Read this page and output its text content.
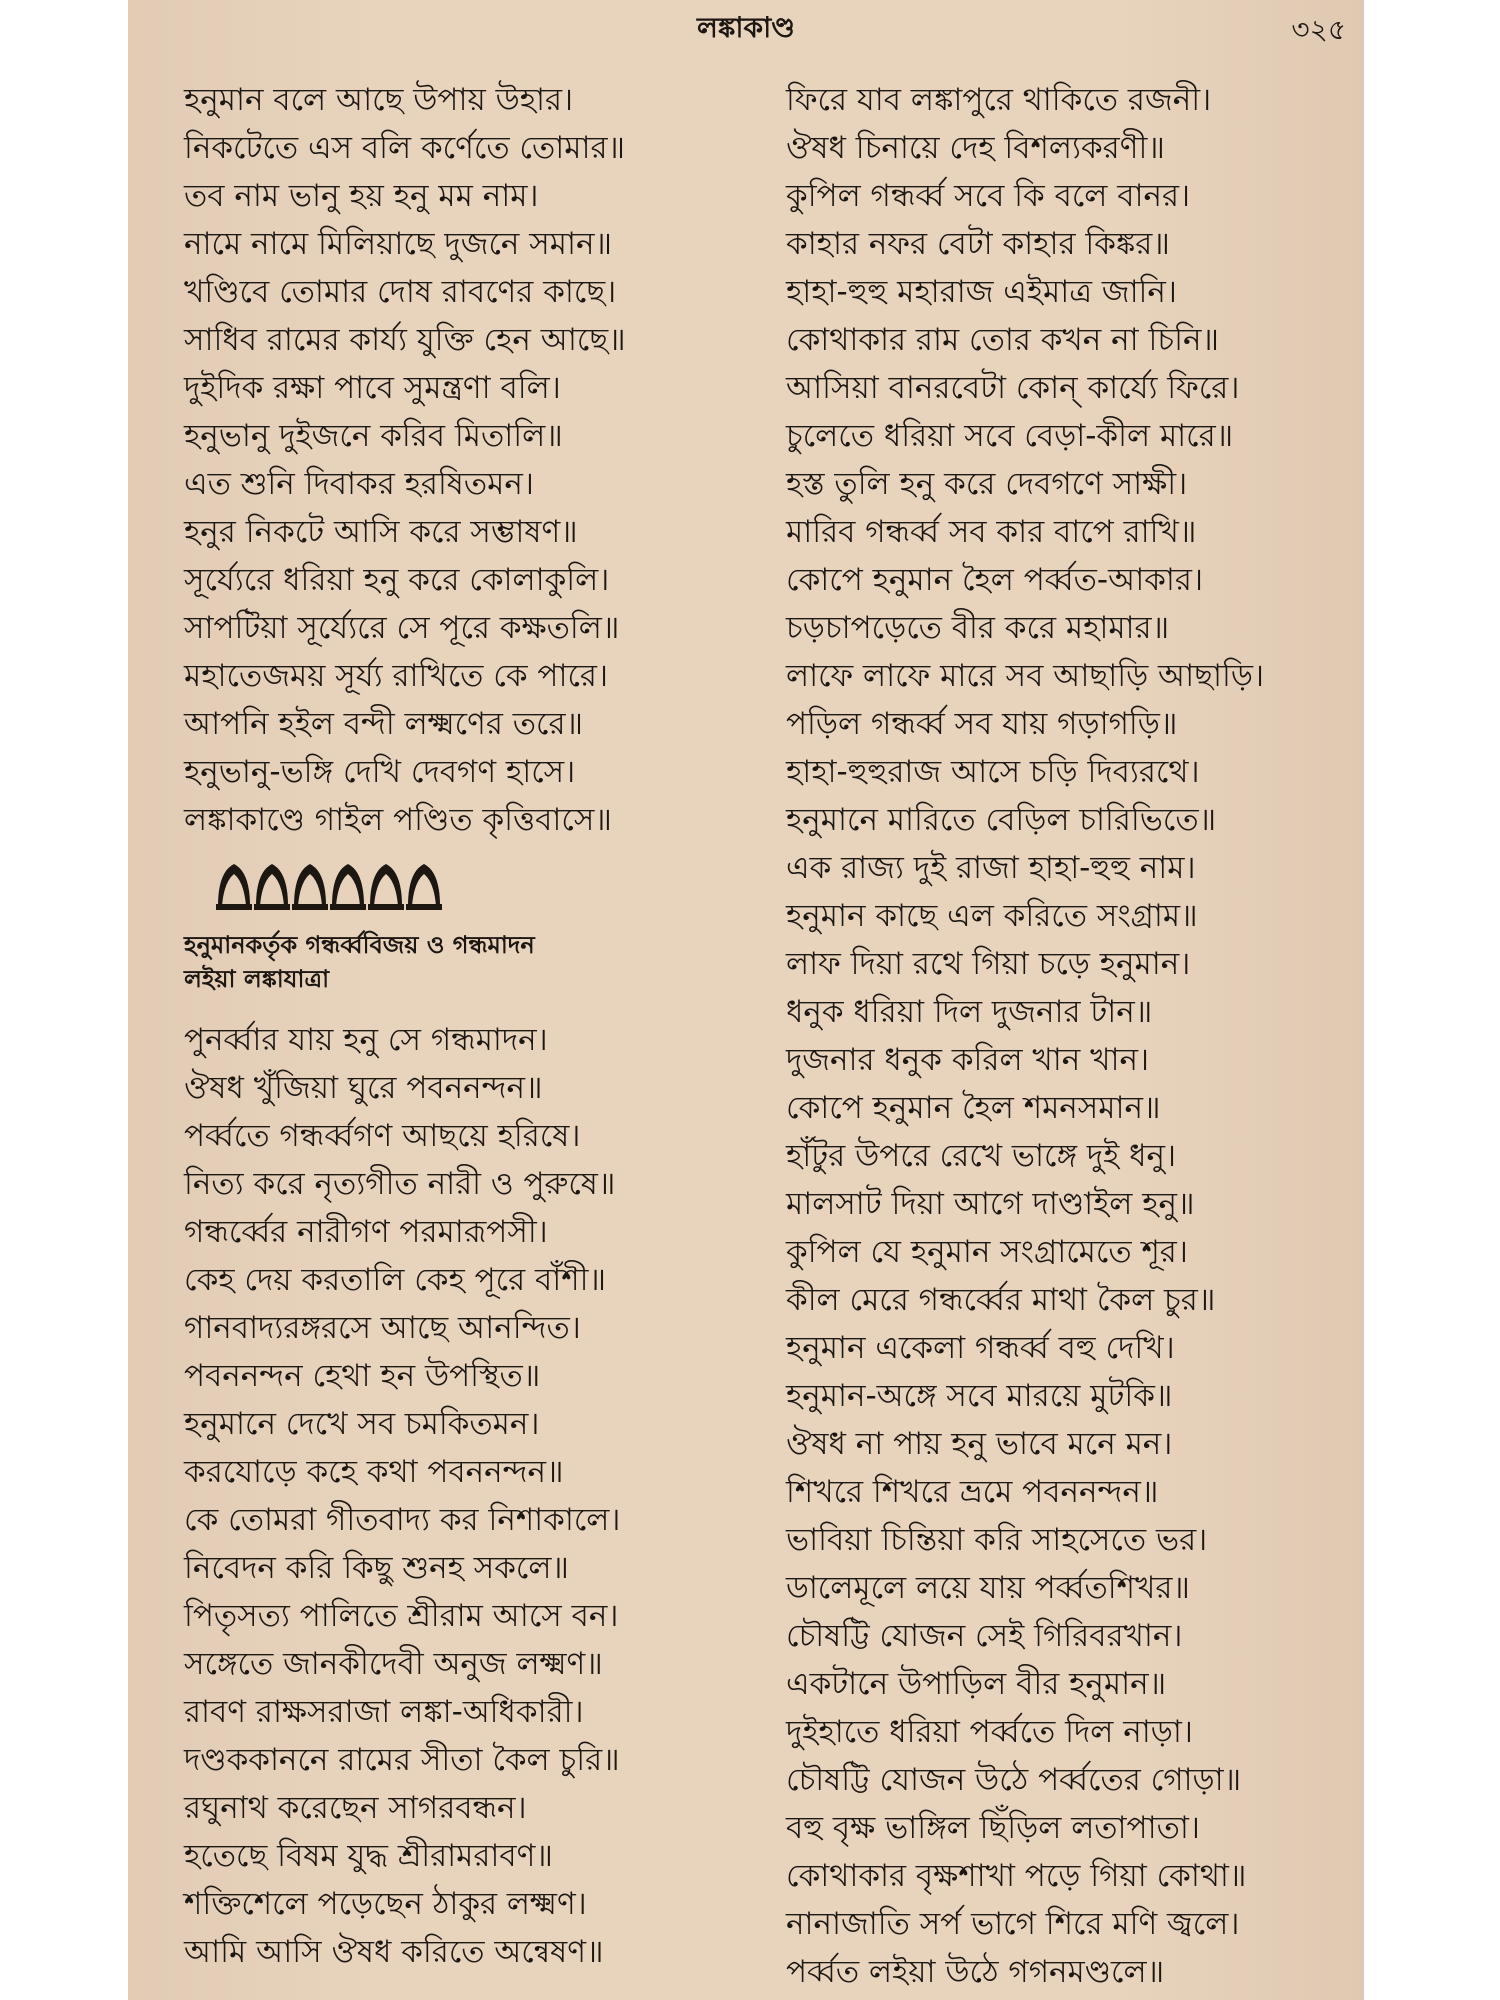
লঙ্কাকাণ্ড	৩২৫
হনুমান বলে আছে উপায় উহার।
নিকটেতে এস বলি কর্ণেতে তোমার॥
তব নাম ভানু হয় হনু মম নাম।
নামে নামে মিলিয়াছে দুজনে সমান॥
খণ্ডিবে তোমার দোষ রাবণের কাছে।
সাধিব রামের কার্য্য যুক্তি হেন আছে॥
দুইদিক রক্ষা পাবে সুমন্ত্রণা বলি।
হনুভানু দুইজনে করিব মিতালি॥
এত শুনি দিবাকর হরষিতমন।
হনুর নিকটে আসি করে সম্ভাষণ॥
সূর্য্যেরে ধরিয়া হনু করে কোলাকুলি।
সাপটিয়া সূর্য্যেরে সে পূরে কক্ষতলি॥
মহাতেজময় সূর্য্য রাখিতে কে পারে।
আপনি হইল বন্দী লক্ষ্মণের তরে॥
হনুভানু-ভঙ্গি দেখি দেবগণ হাসে।
লঙ্কাকাণ্ডে গাইল পণ্ডিত কৃত্তিবাসে॥
হনুমানকর্তৃক গন্ধর্ব্ববিজয় ও গন্ধমাদন
লইয়া লঙ্কাযাত্রা
পুনর্ব্বার যায় হনু সে গন্ধমাদন।
ঔষধ খুঁজিয়া ঘুরে পবননন্দন॥
পর্ব্বতে গন্ধর্ব্বগণ আছয়ে হরিষে।
নিত্য করে নৃত্যগীত নারী ও পুরুষে॥
গন্ধর্ব্বের নারীগণ পরমারূপসী।
কেহ দেয় করতালি কেহ পূরে বাঁশী॥
গানবাদ্যরঙ্গরসে আছে আনন্দিত।
পবননন্দন হেথা হন উপস্থিত॥
হনুমানে দেখে সব চমকিতমন।
করযোড়ে কহে কথা পবননন্দন॥
কে তোমরা গীতবাদ্য কর নিশাকালে।
নিবেদন করি কিছু শুনহ সকলে॥
পিতৃসত্য পালিতে শ্রীরাম আসে বন।
সঙ্গেতে জানকীদেবী অনুজ লক্ষ্মণ॥
রাবণ রাক্ষসরাজা লঙ্কা-অধিকারী।
দণ্ডককাননে রামের সীতা কৈল চুরি॥
রঘুনাথ করেছেন সাগরবন্ধন।
হতেছে বিষম যুদ্ধ শ্রীরামরাবণ॥
শক্তিশেলে পড়েছেন ঠাকুর লক্ষ্মণ।
আমি আসি ঔষধ করিতে অন্বেষণ॥
ফিরে যাব লঙ্কাপুরে থাকিতে রজনী।
ঔষধ চিনায়ে দেহ বিশল্যকরণী॥
কুপিল গন্ধর্ব্ব সবে কি বলে বানর।
কাহার নফর বেটা কাহার কিঙ্কর॥
হাহা-হুহু মহারাজ এইমাত্র জানি।
কোথাকার রাম তোর কখন না চিনি॥
আসিয়া বানরবেটা কোন্ কার্য্যে ফিরে।
চুলেতে ধরিয়া সবে বেড়া-কীল মারে॥
হস্ত তুলি হনু করে দেবগণে সাক্ষী।
মারিব গন্ধর্ব্ব সব কার বাপে রাখি॥
কোপে হনুমান হৈল পর্ব্বত-আকার।
চড়চাপড়েতে বীর করে মহামার॥
লাফে লাফে মারে সব আছাড়ি আছাড়ি।
পড়িল গন্ধর্ব্ব সব যায় গড়াগড়ি॥
হাহা-হুহুরাজ আসে চড়ি দিব্যরথে।
হনুমানে মারিতে বেড়িল চারিভিতে॥
এক রাজ্য দুই রাজা হাহা-হুহু নাম।
হনুমান কাছে এল করিতে সংগ্রাম॥
লাফ দিয়া রথে গিয়া চড়ে হনুমান।
ধনুক ধরিয়া দিল দুজনার টান॥
দুজনার ধনুক করিল খান খান।
কোপে হনুমান হৈল শমনসমান॥
হাঁটুর উপরে রেখে ভাঙ্গে দুই ধনু।
মালসাট দিয়া আগে দাণ্ডাইল হনু॥
কুপিল যে হনুমান সংগ্রামেতে শূর।
কীল মেরে গন্ধর্ব্বের মাথা কৈল চুর॥
হনুমান একেলা গন্ধর্ব্ব বহু দেখি।
হনুমান-অঙ্গে সবে মারয়ে মুটকি॥
ঔষধ না পায় হনু ভাবে মনে মন।
শিখরে শিখরে ভ্রমে পবননন্দন॥
ভাবিয়া চিন্তিয়া করি সাহসেতে ভর।
ডালেমূলে লয়ে যায় পর্ব্বতশিখর॥
চৌষট্টি যোজন সেই গিরিবরখান।
একটানে উপাড়িল বীর হনুমান॥
দুইহাতে ধরিয়া পর্ব্বতে দিল নাড়া।
চৌষট্টি যোজন উঠে পর্ব্বতের গোড়া॥
বহু বৃক্ষ ভাঙ্গিল ছিঁড়িল লতাপাতা।
কোথাকার বৃক্ষশাখা পড়ে গিয়া কোথা॥
নানাজাতি সর্প ভাগে শিরে মণি জ্বলে।
পর্ব্বত লইয়া উঠে গগনমণ্ডলে॥
